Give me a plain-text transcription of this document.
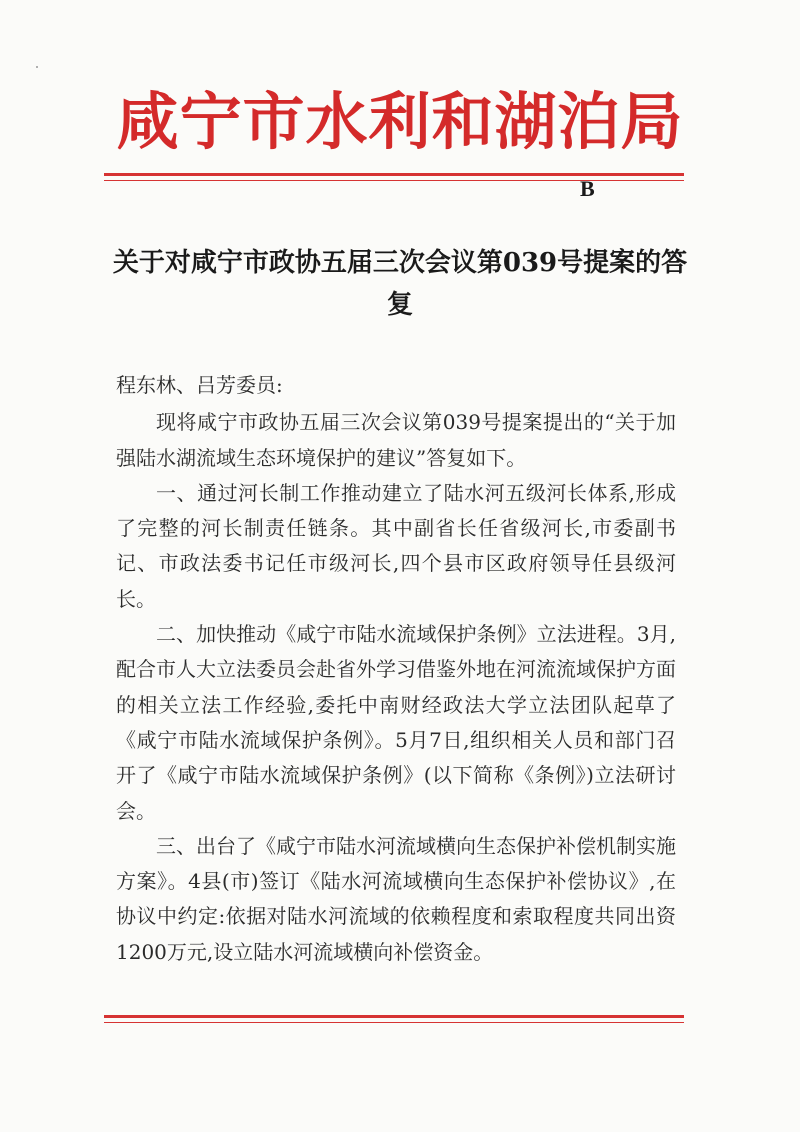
咸宁市水利和湖泊局
B
关于对咸宁市政协五届三次会议第039号提案的答复

程东林、吕芳委员:

现将咸宁市政协五届三次会议第039号提案提出的“关于加强陆水湖流域生态环境保护的建议”答复如下。

一、通过河长制工作推动建立了陆水河五级河长体系,形成了完整的河长制责任链条。其中副省长任省级河长,市委副书记、市政法委书记任市级河长,四个县市区政府领导任县级河长。

二、加快推动《咸宁市陆水流域保护条例》立法进程。3月,配合市人大立法委员会赴省外学习借鉴外地在河流流域保护方面的相关立法工作经验,委托中南财经政法大学立法团队起草了《咸宁市陆水流域保护条例》。5月7日,组织相关人员和部门召开了《咸宁市陆水流域保护条例》(以下简称《条例》)立法研讨会。

三、出台了《咸宁市陆水河流域横向生态保护补偿机制实施方案》。4县(市)签订《陆水河流域横向生态保护补偿协议》,在协议中约定:依据对陆水河流域的依赖程度和索取程度共同出资1200万元,设立陆水河流域横向补偿资金。
